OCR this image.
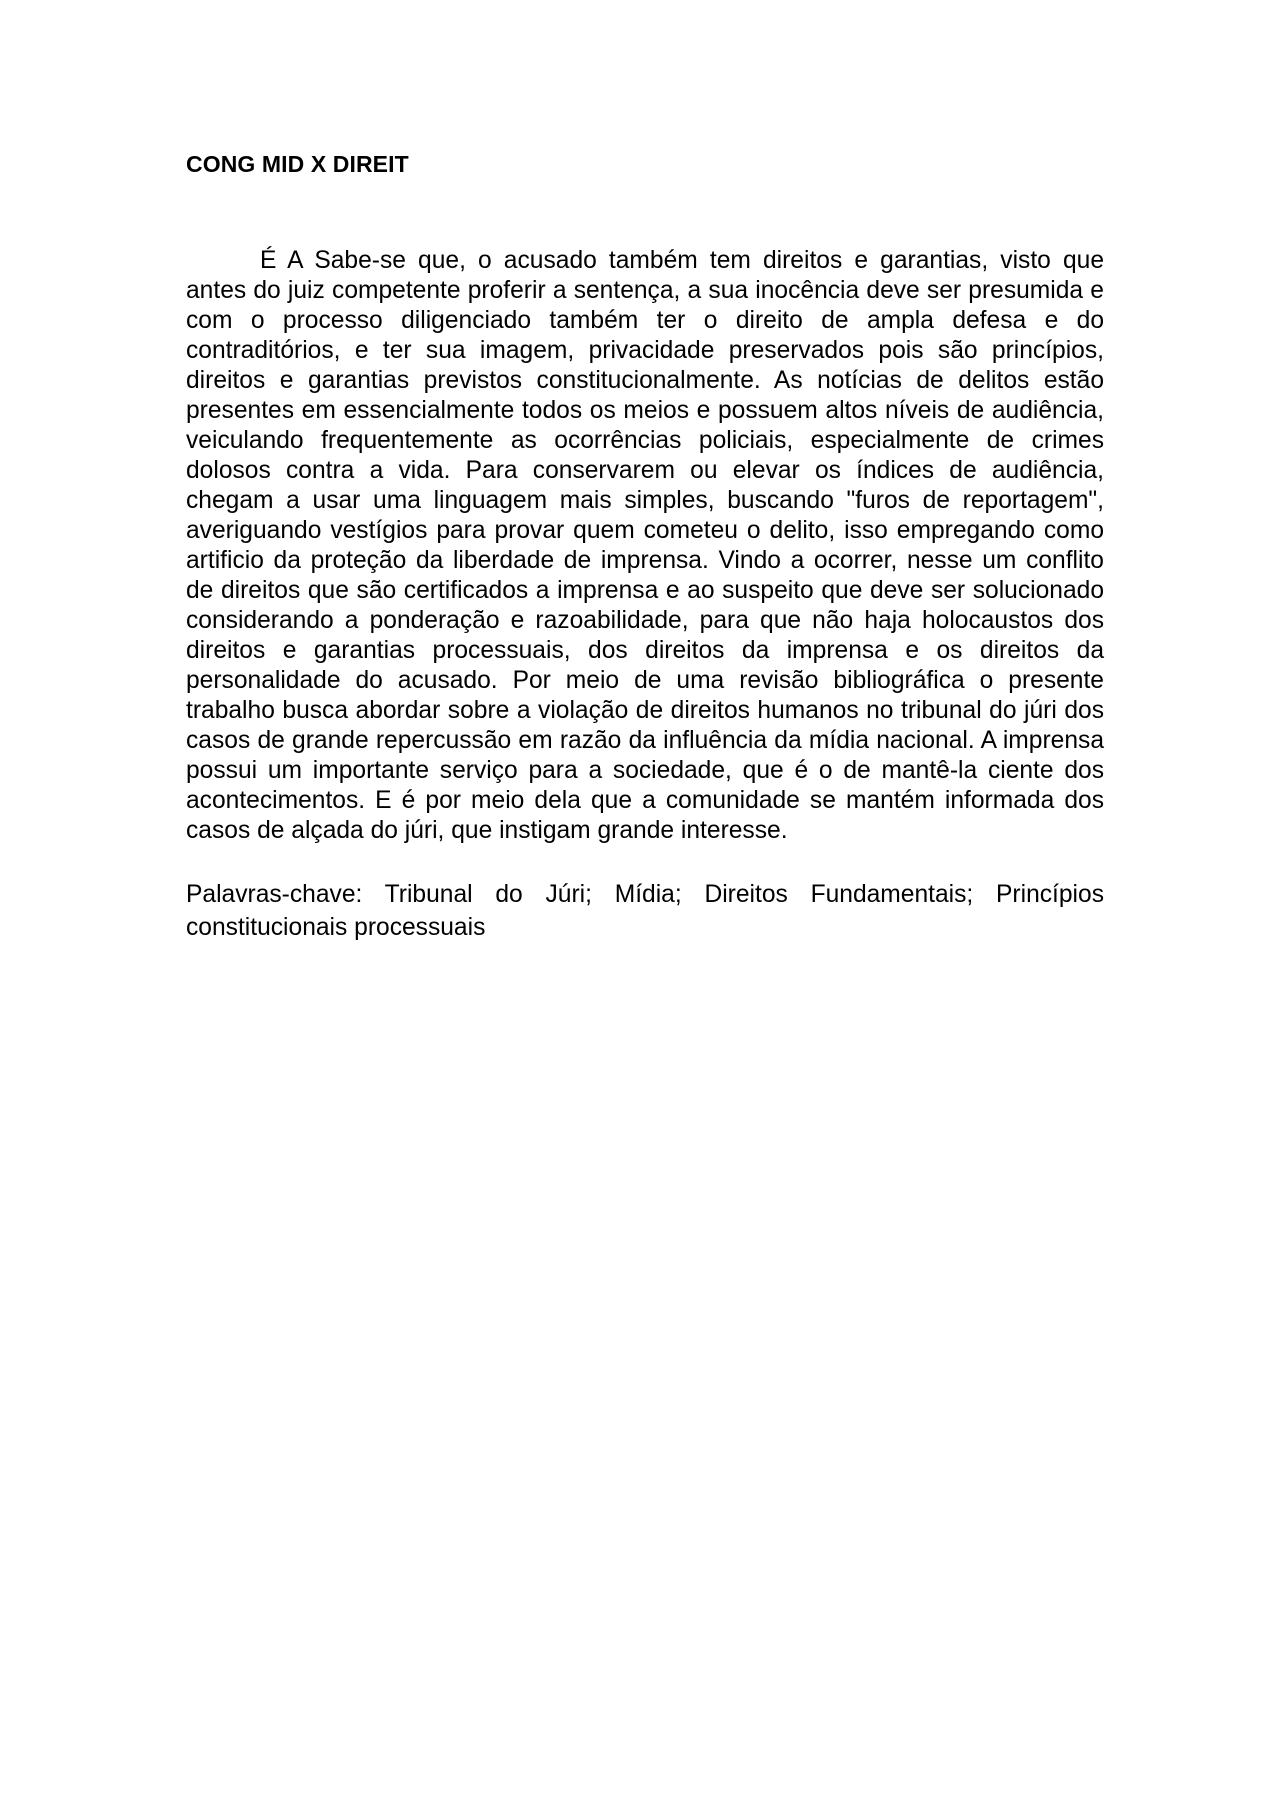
CONG MID X DIREIT

É A Sabe-se que, o acusado também tem direitos e garantias, visto que antes do juiz competente proferir a sentença, a sua inocência deve ser presumida e com o processo diligenciado também ter o direito de ampla defesa e do contraditórios, e ter sua imagem, privacidade preservados pois são princípios, direitos e garantias previstos constitucionalmente. As notícias de delitos estão presentes em essencialmente todos os meios e possuem altos níveis de audiência, veiculando frequentemente as ocorrências policiais, especialmente de crimes dolosos contra a vida. Para conservarem ou elevar os índices de audiência, chegam a usar uma linguagem mais simples, buscando "furos de reportagem", averiguando vestígios para provar quem cometeu o delito, isso empregando como artificio da proteção da liberdade de imprensa. Vindo a ocorrer, nesse um conflito de direitos que são certificados a imprensa e ao suspeito que deve ser solucionado considerando a ponderação e razoabilidade, para que não haja holocaustos dos direitos e garantias processuais, dos direitos da imprensa e os direitos da personalidade do acusado. Por meio de uma revisão bibliográfica o presente trabalho busca abordar sobre a violação de direitos humanos no tribunal do júri dos casos de grande repercussão em razão da influência da mídia nacional. A imprensa possui um importante serviço para a sociedade, que é o de mantê-la ciente dos acontecimentos. E é por meio dela que a comunidade se mantém informada dos casos de alçada do júri, que instigam grande interesse.

Palavras-chave: Tribunal do Júri; Mídia; Direitos Fundamentais; Princípios constitucionais processuais
